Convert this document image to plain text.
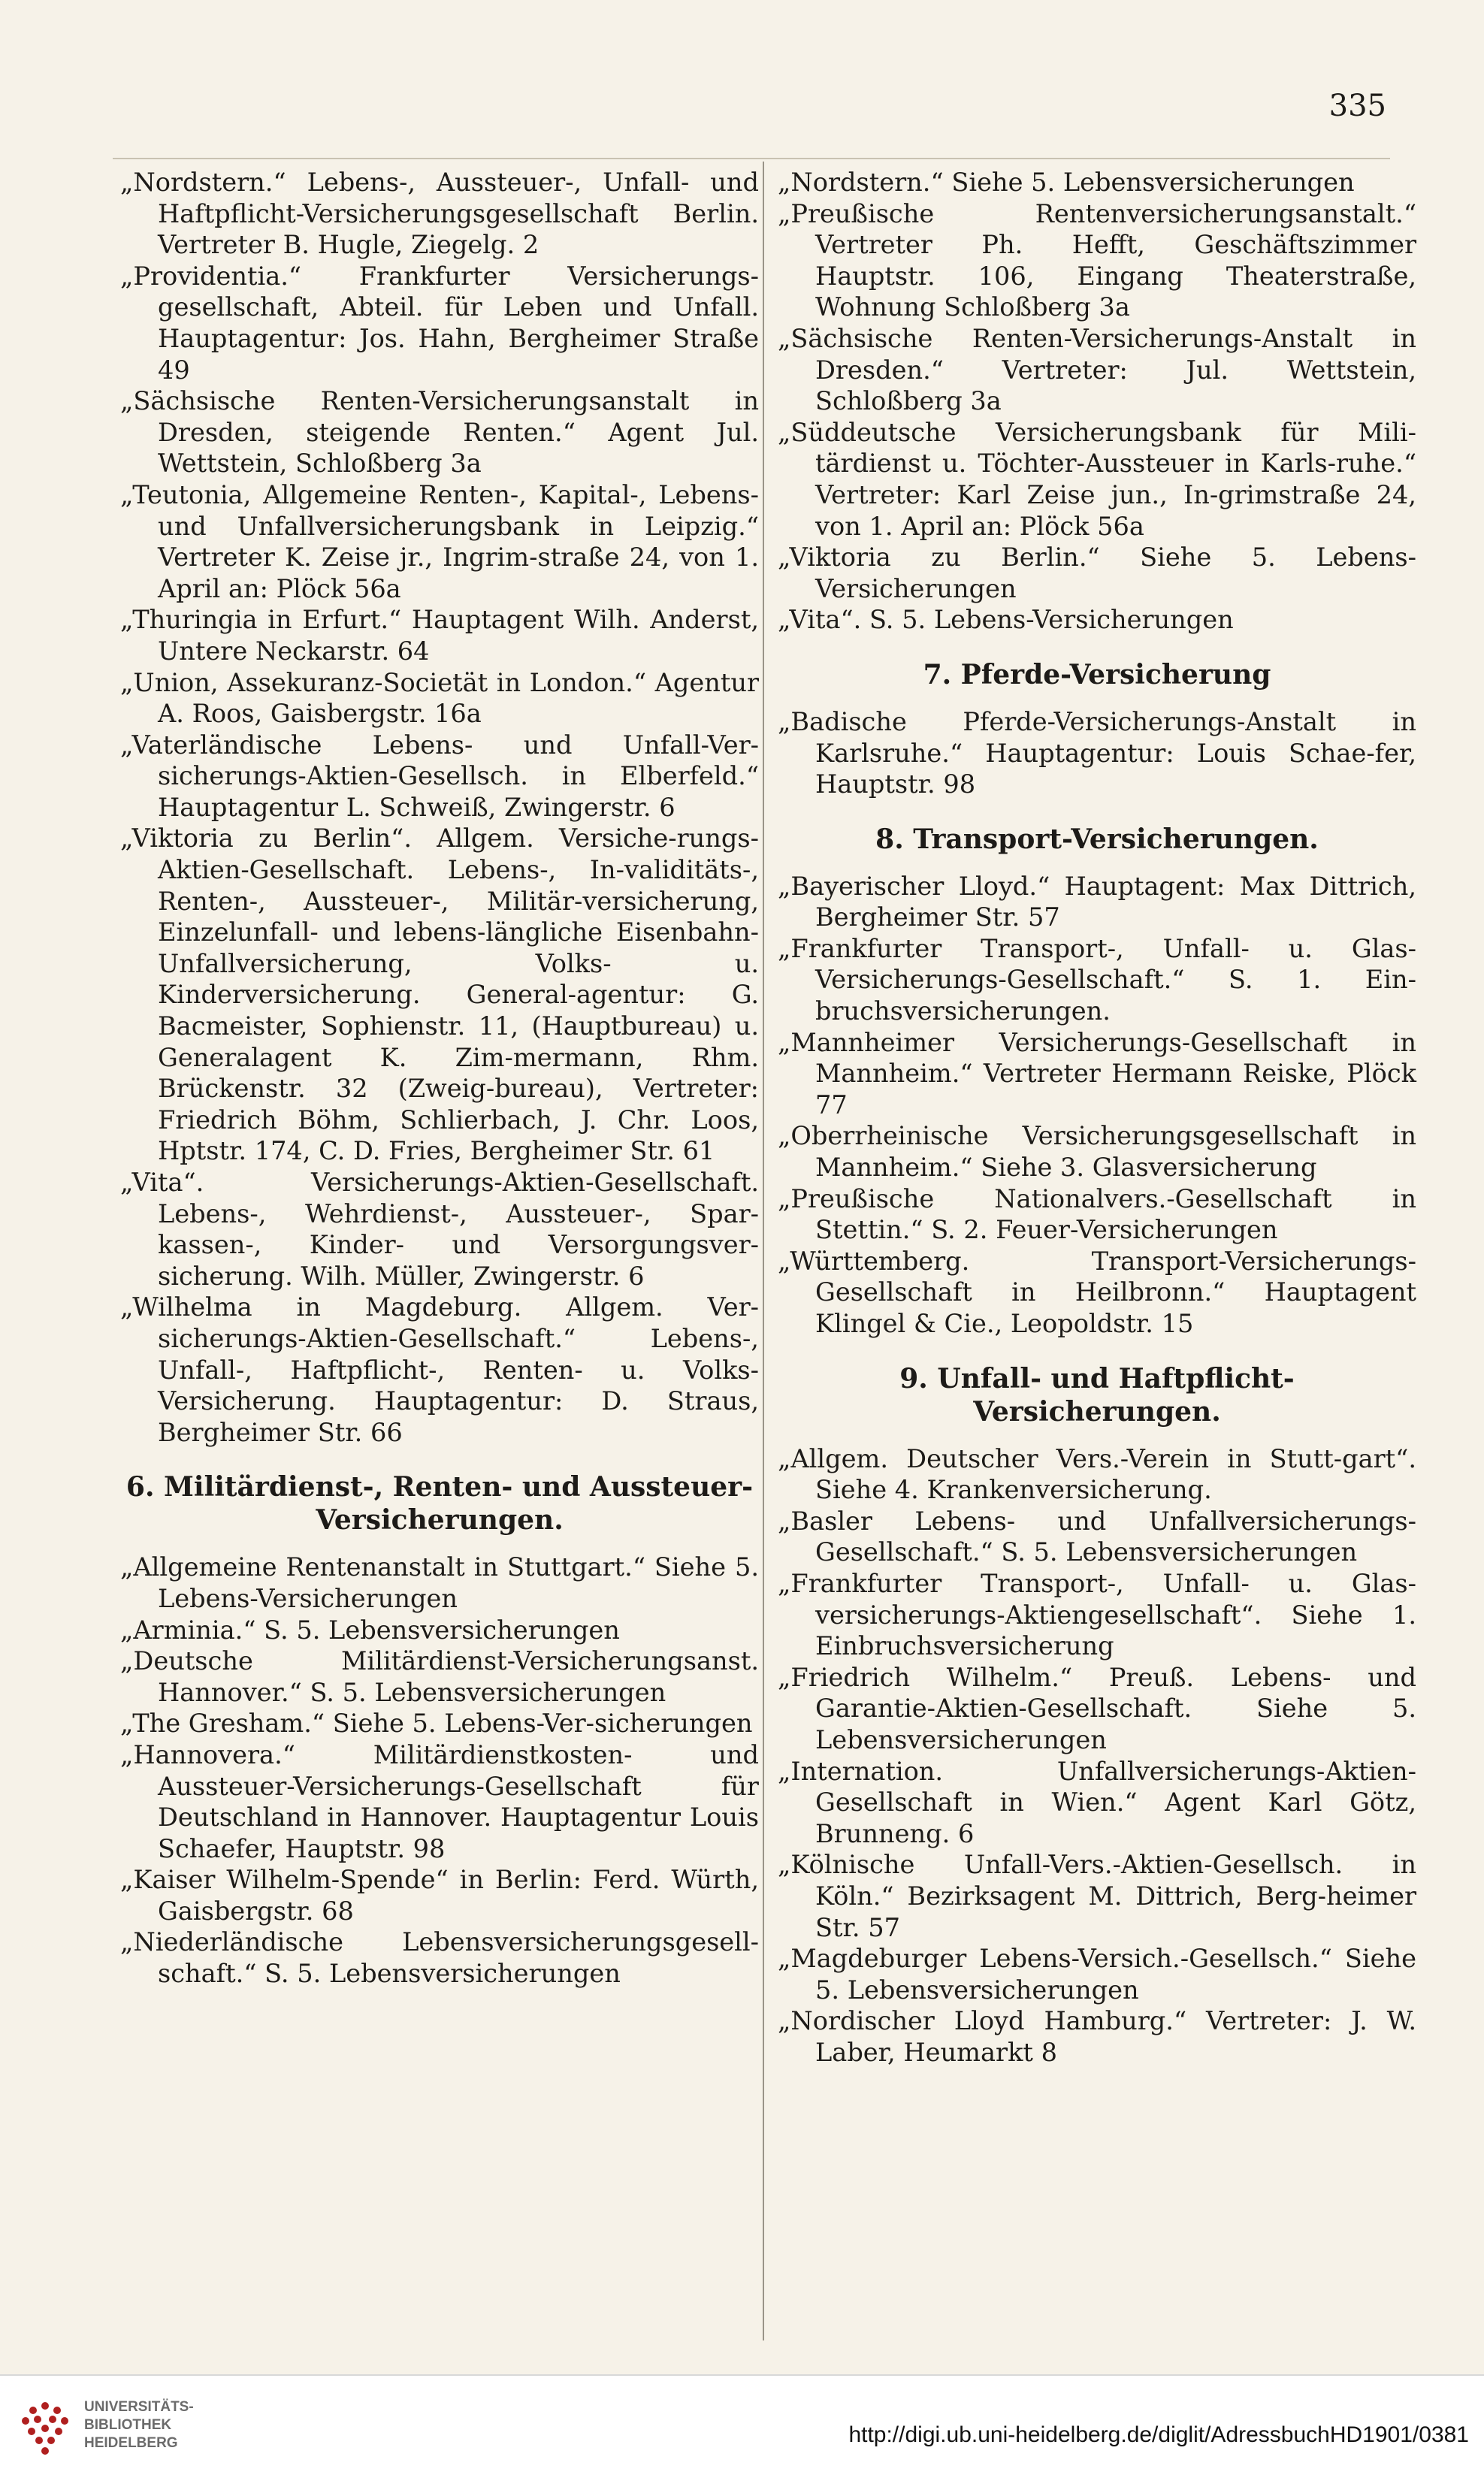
335

„Nordstern.“ Lebens-, Aussteuer-, Unfall- und Haftpflicht-Versicherungsgesellschaft Berlin. Vertreter B. Hugle, Ziegelg. 2

„Providentia.“ Frankfurter Versicherungs-gesellschaft, Abteil. für Leben und Unfall. Hauptagentur: Jos. Hahn, Bergheimer Straße 49

„Sächsische Renten-Versicherungsanstalt in Dresden, steigende Renten.“ Agent Jul. Wettstein, Schloßberg 3a

„Teutonia, Allgemeine Renten-, Kapital-, Lebens- und Unfallversicherungsbank in Leipzig.“ Vertreter K. Zeise jr., Ingrim-straße 24, von 1. April an: Plöck 56a

„Thuringia in Erfurt.“ Hauptagent Wilh. Anderst, Untere Neckarstr. 64

„Union, Assekuranz-Societät in London.“ Agentur A. Roos, Gaisbergstr. 16a

„Vaterländische Lebens- und Unfall-Ver-sicherungs-Aktien-Gesellsch. in Elberfeld.“ Hauptagentur L. Schweiß, Zwingerstr. 6

„Viktoria zu Berlin“. Allgem. Versiche-rungs-Aktien-Gesellschaft. Lebens-, In-validitäts-, Renten-, Aussteuer-, Militär-versicherung, Einzelunfall- und lebens-längliche Eisenbahn-Unfallversicherung, Volks- u. Kinderversicherung. General-agentur: G. Bacmeister, Sophienstr. 11, (Hauptbureau) u. Generalagent K. Zim-mermann, Rhm. Brückenstr. 32 (Zweig-bureau), Vertreter: Friedrich Böhm, Schlierbach, J. Chr. Loos, Hptstr. 174, C. D. Fries, Bergheimer Str. 61

„Vita“. Versicherungs-Aktien-Gesellschaft. Lebens-, Wehrdienst-, Aussteuer-, Spar-kassen-, Kinder- und Versorgungsver-sicherung. Wilh. Müller, Zwingerstr. 6

„Wilhelma in Magdeburg. Allgem. Ver-sicherungs-Aktien-Gesellschaft.“ Lebens-, Unfall-, Haftpflicht-, Renten- u. Volks-Versicherung. Hauptagentur: D. Straus, Bergheimer Str. 66

6. Militärdienst-, Renten- und Aussteuer-Versicherungen.

„Allgemeine Rentenanstalt in Stuttgart.“ Siehe 5. Lebens-Versicherungen

„Arminia.“ S. 5. Lebensversicherungen

„Deutsche Militärdienst-Versicherungsanst. Hannover.“ S. 5. Lebensversicherungen

„The Gresham.“ Siehe 5. Lebens-Ver-sicherungen

„Hannovera.“ Militärdienstkosten- und Aussteuer-Versicherungs-Gesellschaft für Deutschland in Hannover. Hauptagentur Louis Schaefer, Hauptstr. 98

„Kaiser Wilhelm-Spende“ in Berlin: Ferd. Würth, Gaisbergstr. 68

„Niederländische Lebensversicherungsgesell-schaft.“ S. 5. Lebensversicherungen

„Nordstern.“ Siehe 5. Lebensversicherungen

„Preußische Rentenversicherungsanstalt.“ Vertreter Ph. Hefft, Geschäftszimmer Hauptstr. 106, Eingang Theaterstraße, Wohnung Schloßberg 3a

„Sächsische Renten-Versicherungs-Anstalt in Dresden.“ Vertreter: Jul. Wettstein, Schloßberg 3a

„Süddeutsche Versicherungsbank für Mili-tärdienst u. Töchter-Aussteuer in Karls-ruhe.“ Vertreter: Karl Zeise jun., In-grimstraße 24, von 1. April an: Plöck 56a

„Viktoria zu Berlin.“ Siehe 5. Lebens-Versicherungen

„Vita“. S. 5. Lebens-Versicherungen

7. Pferde-Versicherung

„Badische Pferde-Versicherungs-Anstalt in Karlsruhe.“ Hauptagentur: Louis Schae-fer, Hauptstr. 98

8. Transport-Versicherungen.

„Bayerischer Lloyd.“ Hauptagent: Max Dittrich, Bergheimer Str. 57

„Frankfurter Transport-, Unfall- u. Glas-Versicherungs-Gesellschaft.“ S. 1. Ein-bruchsversicherungen.

„Mannheimer Versicherungs-Gesellschaft in Mannheim.“ Vertreter Hermann Reiske, Plöck 77

„Oberrheinische Versicherungsgesellschaft in Mannheim.“ Siehe 3. Glasversicherung

„Preußische Nationalvers.-Gesellschaft in Stettin.“ S. 2. Feuer-Versicherungen

„Württemberg. Transport-Versicherungs-Gesellschaft in Heilbronn.“ Hauptagent Klingel & Cie., Leopoldstr. 15

9. Unfall- und Haftpflicht-Versicherungen.

„Allgem. Deutscher Vers.-Verein in Stutt-gart“. Siehe 4. Krankenversicherung.

„Basler Lebens- und Unfallversicherungs-Gesellschaft.“ S. 5. Lebensversicherungen

„Frankfurter Transport-, Unfall- u. Glas-versicherungs-Aktiengesellschaft“. Siehe 1. Einbruchsversicherung

„Friedrich Wilhelm.“ Preuß. Lebens- und Garantie-Aktien-Gesellschaft. Siehe 5. Lebensversicherungen

„Internation. Unfallversicherungs-Aktien-Gesellschaft in Wien.“ Agent Karl Götz, Brunneng. 6

„Kölnische Unfall-Vers.-Aktien-Gesellsch. in Köln.“ Bezirksagent M. Dittrich, Berg-heimer Str. 57

„Magdeburger Lebens-Versich.-Gesellsch.“ Siehe 5. Lebensversicherungen

„Nordischer Lloyd Hamburg.“ Vertreter: J. W. Laber, Heumarkt 8

UNIVERSITÄTS-
BIBLIOTHEK
HEIDELBERG	http://digi.ub.uni-heidelberg.de/diglit/AdressbuchHD1901/0381
